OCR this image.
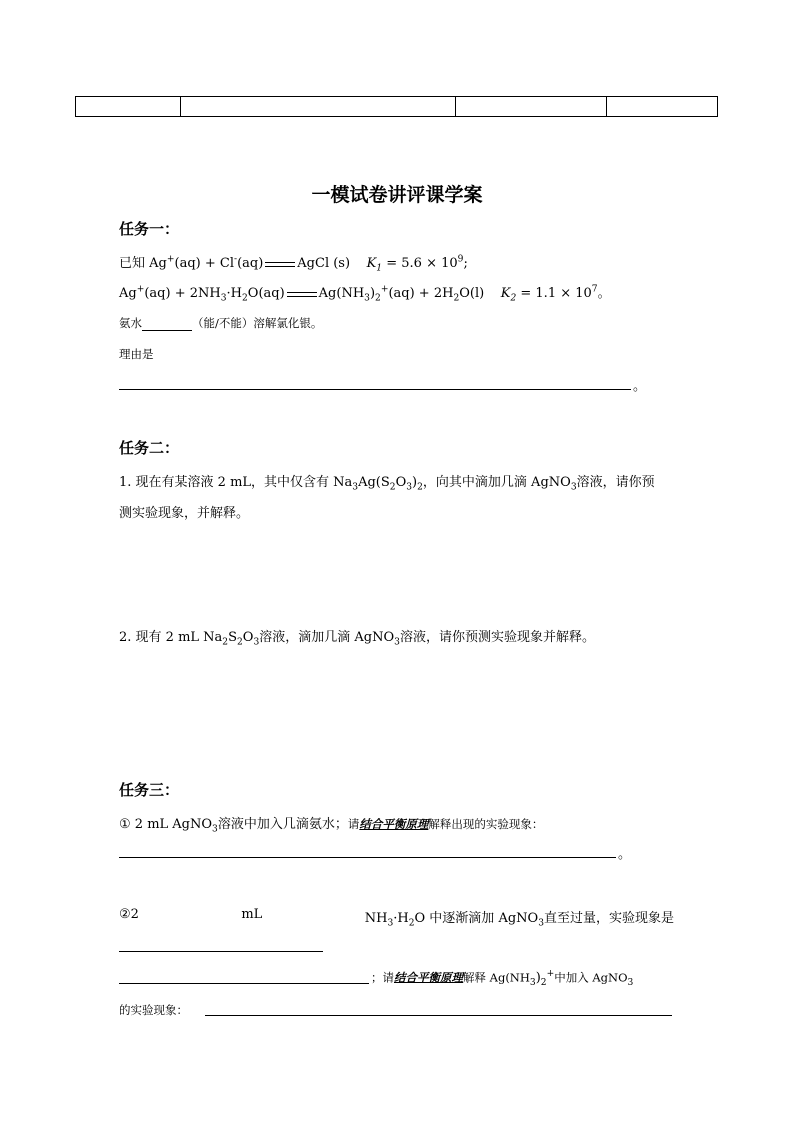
一模试卷讲评课学案
任务一：
已知 Ag+(aq) + Cl-(aq)	AgCl (s) $K_1 = 5.6 \times 10^9$;
$Ag^+(aq) + 2NH_3\cdot H_2O(aq)$	$Ag(NH_3)_2^+(aq) + 2H_2O(l) K_2 = 1.1 \times 10^7$。
氨水	（能/不能）溶解氯化银。
理由是
。
任务二：
1. 现在有某溶液 2 mL，其中仅含有 $Na_3Ag(S_2O_3)_2$，向其中滴加几滴 AgNO$_3$溶液，请你预
测实验现象，并解释。
2. 现有 2 mL $Na_2S_2O_3$溶液，滴加几滴 AgNO$_3$溶液，请你预测实验现象并解释。
任务三：
① 2 mL AgNO$_3$溶液中加入几滴氨水；请结合平衡原理解释出现的实验现象：
。
②2	mL	$NH_3\cdot H_2O$ 中逐渐滴加 AgNO$_3$直至过量，实验现象是
；请结合平衡原理解释 $Ag(NH_3)_2^+$中加入 AgNO$_3$
的实验现象：
